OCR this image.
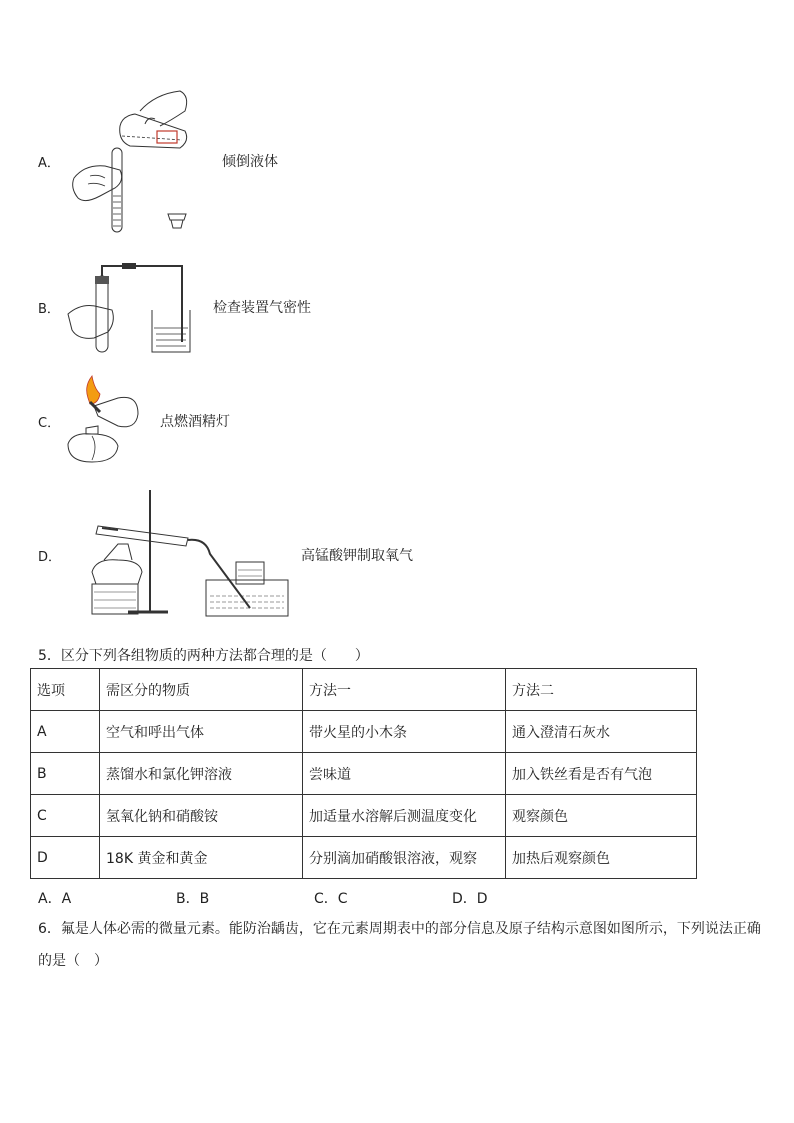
A．	倾倒液体
B．	检查装置气密性
C．	点燃酒精灯
D．	高锰酸钾制取氧气
5．区分下列各组物质的两种方法都合理的是（　　）
选项	需区分的物质	方法一	方法二
A	空气和呼出气体	带火星的小木条	通入澄清石灰水
B	蒸馏水和氯化钾溶液	尝味道	加入铁丝看是否有气泡
C	氢氧化钠和硝酸铵	加适量水溶解后测温度变化	观察颜色
D	18K 黄金和黄金	分别滴加硝酸银溶液，观察	加热后观察颜色
A．A	B．B	C．C	D．D
6．氟是人体必需的微量元素。能防治龋齿，它在元素周期表中的部分信息及原子结构示意图如图所示，下列说法正确
的是（　）
